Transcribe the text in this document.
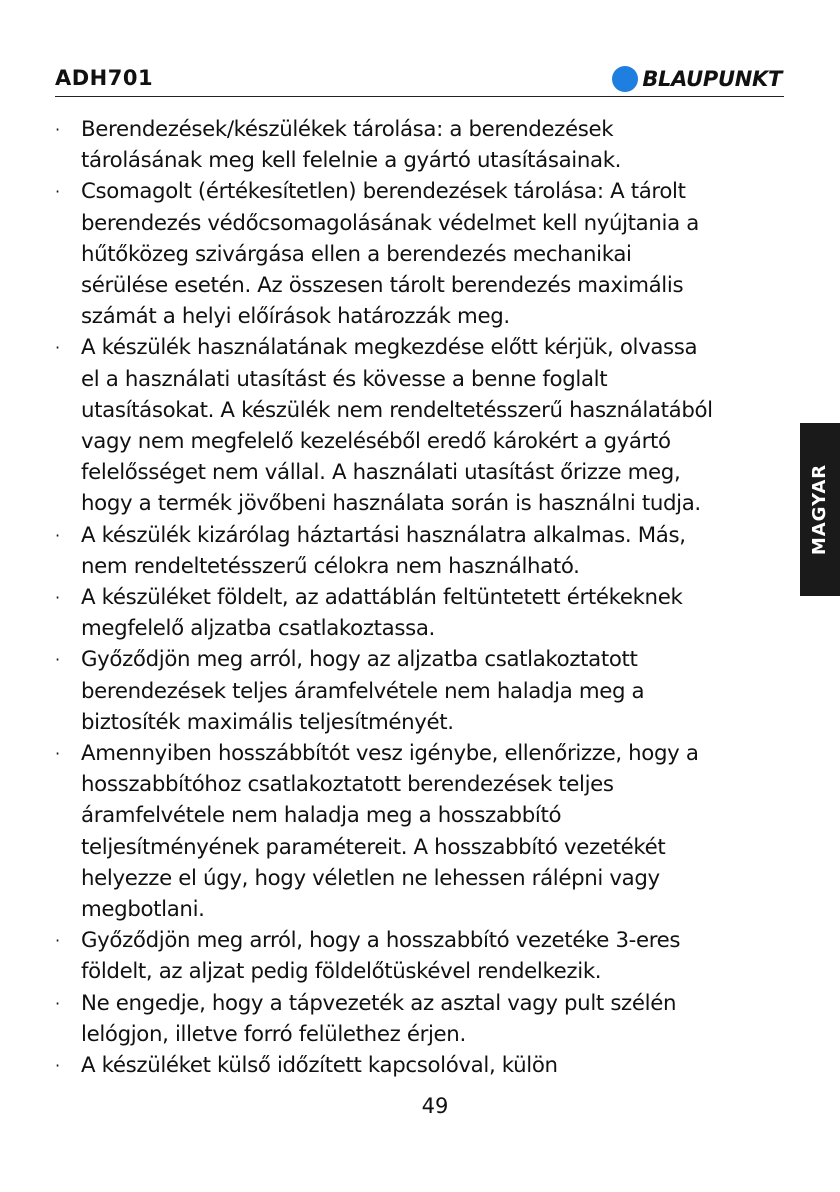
ADH701	BLAUPUNKT
· Berendezések/készülékek tárolása: a berendezések
tárolásának meg kell felelnie a gyártó utasításainak.
· Csomagolt (értékesítetlen) berendezések tárolása: A tárolt
berendezés védőcsomagolásának védelmet kell nyújtania a
hűtőközeg szivárgása ellen a berendezés mechanikai
sérülése esetén. Az összesen tárolt berendezés maximális
számát a helyi előírások határozzák meg.
· A készülék használatának megkezdése előtt kérjük, olvassa
el a használati utasítást és kövesse a benne foglalt
utasításokat. A készülék nem rendeltetésszerű használatából
vagy nem megfelelő kezeléséből eredő károkért a gyártó
felelősséget nem vállal. A használati utasítást őrizze meg,
hogy a termék jövőbeni használata során is használni tudja.
· A készülék kizárólag háztartási használatra alkalmas. Más,
nem rendeltetésszerű célokra nem használható.
· A készüléket földelt, az adattáblán feltüntetett értékeknek
megfelelő aljzatba csatlakoztassa.
· Győződjön meg arról, hogy az aljzatba csatlakoztatott
berendezések teljes áramfelvétele nem haladja meg a
biztosíték maximális teljesítményét.
· Amennyiben hosszábbítót vesz igénybe, ellenőrizze, hogy a
hosszabbítóhoz csatlakoztatott berendezések teljes
áramfelvétele nem haladja meg a hosszabbító
teljesítményének paramétereit. A hosszabbító vezetékét
helyezze el úgy, hogy véletlen ne lehessen rálépni vagy
megbotlani.
· Győződjön meg arról, hogy a hosszabbító vezetéke 3-eres
földelt, az aljzat pedig földelőtüskével rendelkezik.
· Ne engedje, hogy a tápvezeték az asztal vagy pult szélén
lelógjon, illetve forró felülethez érjen.
· A készüléket külső időzített kapcsolóval, külön
MAGYAR
49
